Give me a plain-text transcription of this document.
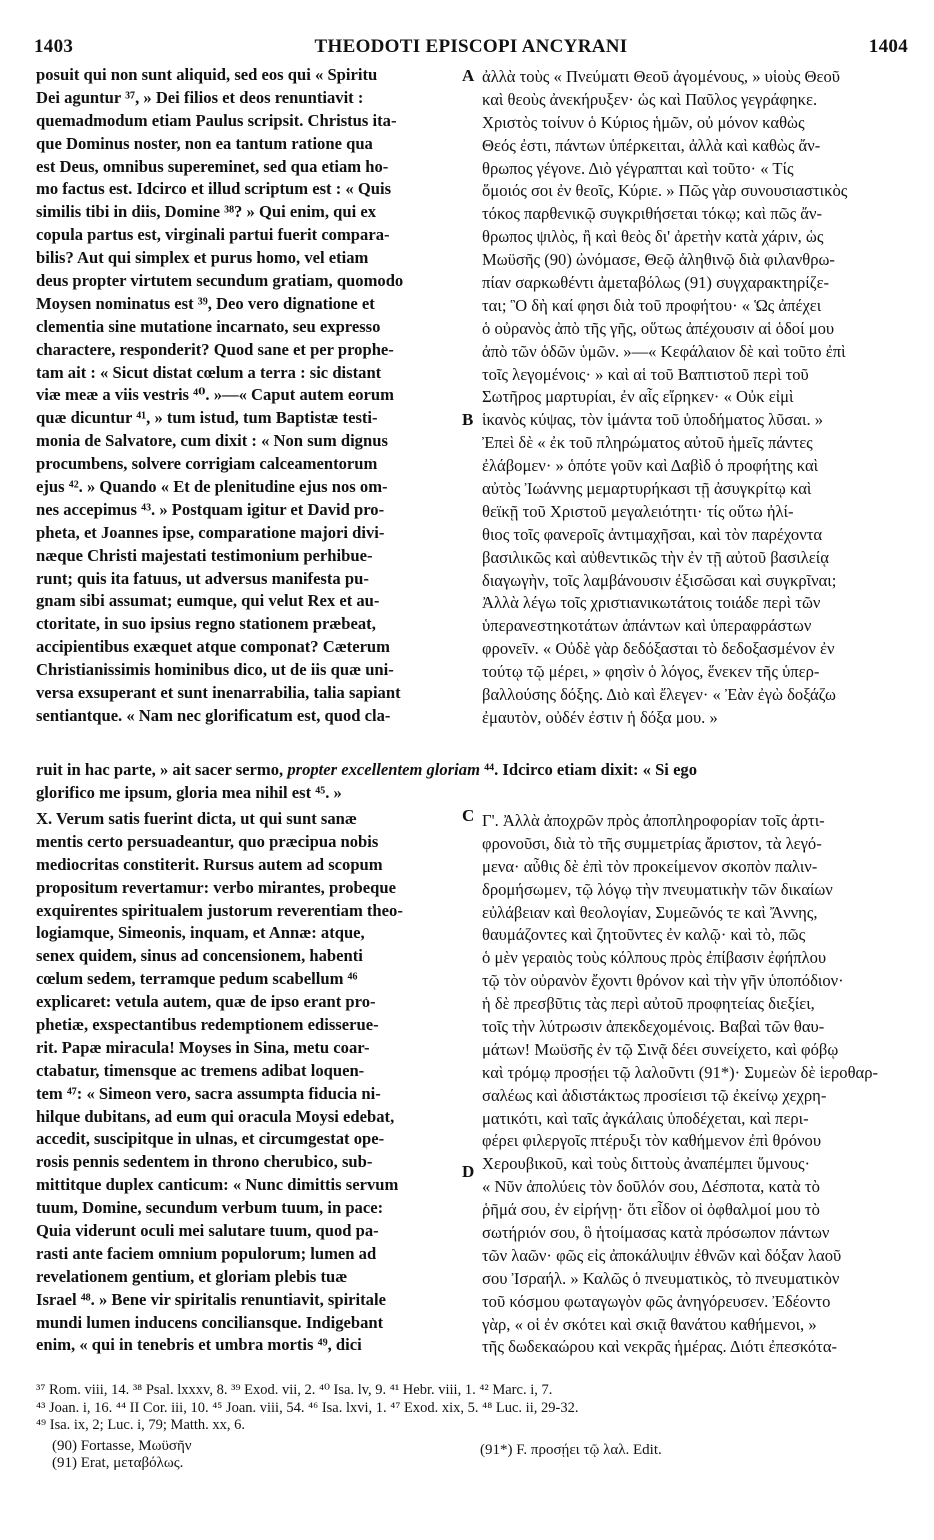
1403	THEODOTI EPISCOPI ANCYRANI	1404
A
B
C
D
posuit qui non sunt aliquid, sed eos qui « Spiritu
Dei aguntur ³⁷, » Dei filios et deos renuntiavit :
quemadmodum etiam Paulus scripsit. Christus ita-
que Dominus noster, non ea tantum ratione qua
est Deus, omnibus supereminet, sed qua etiam ho-
mo factus est. Idcirco et illud scriptum est : « Quis
similis tibi in diis, Domine ³⁸? » Qui enim, qui ex
copula partus est, virginali partui fuerit compara-
bilis? Aut qui simplex et purus homo, vel etiam
deus propter virtutem secundum gratiam, quomodo
Moysen nominatus est ³⁹, Deo vero dignatione et
clementia sine mutatione incarnato, seu expresso
charactere, responderit? Quod sane et per prophe-
tam ait : « Sicut distat cœlum a terra : sic distant
viæ meæ a viis vestris ⁴⁰. »—« Caput autem eorum
quæ dicuntur ⁴¹, » tum istud, tum Baptistæ testi-
monia de Salvatore, cum dixit : « Non sum dignus
procumbens, solvere corrigiam calceamentorum
ejus ⁴². » Quando « Et de plenitudine ejus nos om-
nes accepimus ⁴³. » Postquam igitur et David pro-
pheta, et Joannes ipse, comparatione majori divi-
næque Christi majestati testimonium perhibue-
runt; quis ita fatuus, ut adversus manifesta pu-
gnam sibi assumat; eumque, qui velut Rex et au-
ctoritate, in suo ipsius regno stationem præbeat,
accipientibus exæquet atque componat? Cæterum
Christianissimis hominibus dico, ut de iis quæ uni-
versa exsuperant et sunt inenarrabilia, talia sapiant
sentiantque. « Nam nec glorificatum est, quod cla-
ἀλλὰ τοὺς « Πνεύματι Θεοῦ ἀγομένους, » υἱοὺς Θεοῦ
καὶ θεοὺς ἀνεκήρυξεν· ὡς καὶ Παῦλος γεγράφηκε.
Χριστὸς τοίνυν ὁ Κύριος ἡμῶν, οὐ μόνον καθὼς
Θεός ἐστι, πάντων ὑπέρκειται, ἀλλὰ καὶ καθὼς ἄν-
θρωπος γέγονε. Διὸ γέγραπται καὶ τοῦτο· « Τίς
ὅμοιός σοι ἐν θεοῖς, Κύριε. » Πῶς γὰρ συνουσιαστικὸς
τόκος παρθενικῷ συγκριθήσεται τόκῳ; καὶ πῶς ἄν-
θρωπος ψιλὸς, ἢ καὶ θεὸς δι' ἀρετὴν κατὰ χάριν, ὡς
Μωϋσῆς (90) ὠνόμασε, Θεῷ ἀληθινῷ διὰ φιλανθρω-
πίαν σαρκωθέντι ἀμεταβόλως (91) συγχαρακτηρίζε-
ται; Ὃ δὴ καί φησι διὰ τοῦ προφήτου· « Ὡς ἀπέχει
ὁ οὐρανὸς ἀπὸ τῆς γῆς, οὕτως ἀπέχουσιν αἱ ὁδοί μου
ἀπὸ τῶν ὁδῶν ὑμῶν. »—« Κεφάλαιον δὲ καὶ τοῦτο ἐπὶ
τοῖς λεγομένοις· » καὶ αἱ τοῦ Βαπτιστοῦ περὶ τοῦ
Σωτῆρος μαρτυρίαι, ἐν αἷς εἴρηκεν· « Οὐκ εἰμὶ
ἱκανὸς κύψας, τὸν ἱμάντα τοῦ ὑποδήματος λῦσαι. »
Ἐπεὶ δὲ « ἐκ τοῦ πληρώματος αὐτοῦ ἡμεῖς πάντες
ἐλάβομεν· » ὁπότε γοῦν καὶ Δαβὶδ ὁ προφήτης καὶ
αὐτὸς Ἰωάννης μεμαρτυρήκασι τῇ ἀσυγκρίτῳ καὶ
θεϊκῇ τοῦ Χριστοῦ μεγαλειότητι· τίς οὕτω ἠλί-
θιος τοῖς φανεροῖς ἀντιμαχῆσαι, καὶ τὸν παρέχοντα
βασιλικῶς καὶ αὐθεντικῶς τὴν ἐν τῇ αὐτοῦ βασιλείᾳ
διαγωγὴν, τοῖς λαμβάνουσιν ἐξισῶσαι καὶ συγκρῖναι;
Ἀλλὰ λέγω τοῖς χριστιανικωτάτοις τοιάδε περὶ τῶν
ὑπερανεστηκοτάτων ἁπάντων καὶ ὑπεραφράστων
φρονεῖν. « Οὐδὲ γὰρ δεδόξασται τὸ δεδοξασμένον ἐν
τούτῳ τῷ μέρει, » φησὶν ὁ λόγος, ἕνεκεν τῆς ὑπερ-
βαλλούσης δόξης. Διὸ καὶ ἔλεγεν· « Ἐὰν ἐγὼ δοξάζω
ἐμαυτὸν, οὐδέν ἐστιν ἡ δόξα μου. »
ruit in hac parte, » ait sacer sermo, propter excellentem gloriam ⁴⁴. Idcirco etiam dixit: « Si ego
glorifico me ipsum, gloria mea nihil est ⁴⁵. »
X. Verum satis fuerint dicta, ut qui sunt sanæ
mentis certo persuadeantur, quo præcipua nobis
mediocritas constiterit. Rursus autem ad scopum
propositum revertamur: verbo mirantes, probeque
exquirentes spiritualem justorum reverentiam theo-
logiamque, Simeonis, inquam, et Annæ: atque,
senex quidem, sinus ad concensionem, habenti
cœlum sedem, terramque pedum scabellum ⁴⁶
explicaret: vetula autem, quæ de ipso erant pro-
phetiæ, exspectantibus redemptionem edisserue-
rit. Papæ miracula! Moyses in Sina, metu coar-
ctabatur, timensque ac tremens adibat loquen-
tem ⁴⁷: « Simeon vero, sacra assumpta fiducia ni-
hilque dubitans, ad eum qui oracula Moysi edebat,
accedit, suscipitque in ulnas, et circumgestat ope-
rosis pennis sedentem in throno cherubico, sub-
mittitque duplex canticum: « Nunc dimittis servum
tuum, Domine, secundum verbum tuum, in pace:
Quia viderunt oculi mei salutare tuum, quod pa-
rasti ante faciem omnium populorum; lumen ad
revelationem gentium, et gloriam plebis tuæ
Israel ⁴⁸. » Bene vir spiritalis renuntiavit, spiritale
mundi lumen inducens conciliansque. Indigebant
enim, « qui in tenebris et umbra mortis ⁴⁹, dici
Γ'. Ἀλλὰ ἀποχρῶν πρὸς ἀποπληροφορίαν τοῖς ἀρτι-
φρονοῦσι, διὰ τὸ τῆς συμμετρίας ἄριστον, τὰ λεγό-
μενα· αὖθις δὲ ἐπὶ τὸν προκείμενον σκοπὸν παλιν-
δρομήσωμεν, τῷ λόγῳ τὴν πνευματικὴν τῶν δικαίων
εὐλάβειαν καὶ θεολογίαν, Συμεῶνός τε καὶ Ἄννης,
θαυμάζοντες καὶ ζητοῦντες ἐν καλῷ· καὶ τὸ, πῶς
ὁ μὲν γεραιὸς τοὺς κόλπους πρὸς ἐπίβασιν ἐφήπλου
τῷ τὸν οὐρανὸν ἔχοντι θρόνον καὶ τὴν γῆν ὑποπόδιον·
ἡ δὲ πρεσβῦτις τὰς περὶ αὐτοῦ προφητείας διεξίει,
τοῖς τὴν λύτρωσιν ἀπεκδεχομένοις. Βαβαὶ τῶν θαυ-
μάτων! Μωϋσῆς ἐν τῷ Σινᾷ δέει συνείχετο, καὶ φόβῳ
καὶ τρόμῳ προσῄει τῷ λαλοῦντι (91*)· Συμεὼν δὲ ἱεροθαρ-
σαλέως καὶ ἀδιστάκτως προσίεισι τῷ ἐκείνῳ χεχρη-
ματικότι, καὶ ταῖς ἀγκάλαις ὑποδέχεται, καὶ περι-
φέρει φιλεργοῖς πτέρυξι τὸν καθήμενον ἐπὶ θρόνου
Χερουβικοῦ, καὶ τοὺς διττοὺς ἀναπέμπει ὕμνους·
« Νῦν ἀπολύεις τὸν δοῦλόν σου, Δέσποτα, κατὰ τὸ
ῥῆμά σου, ἐν εἰρήνῃ· ὅτι εἶδον οἱ ὀφθαλμοί μου τὸ
σωτήριόν σου, ὃ ἡτοίμασας κατὰ πρόσωπον πάντων
τῶν λαῶν· φῶς εἰς ἀποκάλυψιν ἐθνῶν καὶ δόξαν λαοῦ
σου Ἰσραήλ. » Καλῶς ὁ πνευματικὸς, τὸ πνευματικὸν
τοῦ κόσμου φωταγωγὸν φῶς ἀνηγόρευσεν. Ἐδέοντο
γὰρ, « οἱ ἐν σκότει καὶ σκιᾷ θανάτου καθήμενοι, »
τῆς δωδεκαώρου καὶ νεκρᾶς ἡμέρας. Διότι ἐπεσκότα-
³⁷ Rom. viii, 14. ³⁸ Psal. lxxxv, 8. ³⁹ Exod. vii, 2. ⁴⁰ Isa. lv, 9. ⁴¹ Hebr. viii, 1. ⁴² Marc. i, 7.
⁴³ Joan. i, 16. ⁴⁴ II Cor. iii, 10. ⁴⁵ Joan. viii, 54. ⁴⁶ Isa. lxvi, 1. ⁴⁷ Exod. xix, 5. ⁴⁸ Luc. ii, 29-32.
⁴⁹ Isa. ix, 2; Luc. i, 79; Matth. xx, 6.
(90) Fortasse, Μωϋσῆν
(91) Erat, μεταβόλως.
(91*) F. προσῄει τῷ λαλ. Edit.
